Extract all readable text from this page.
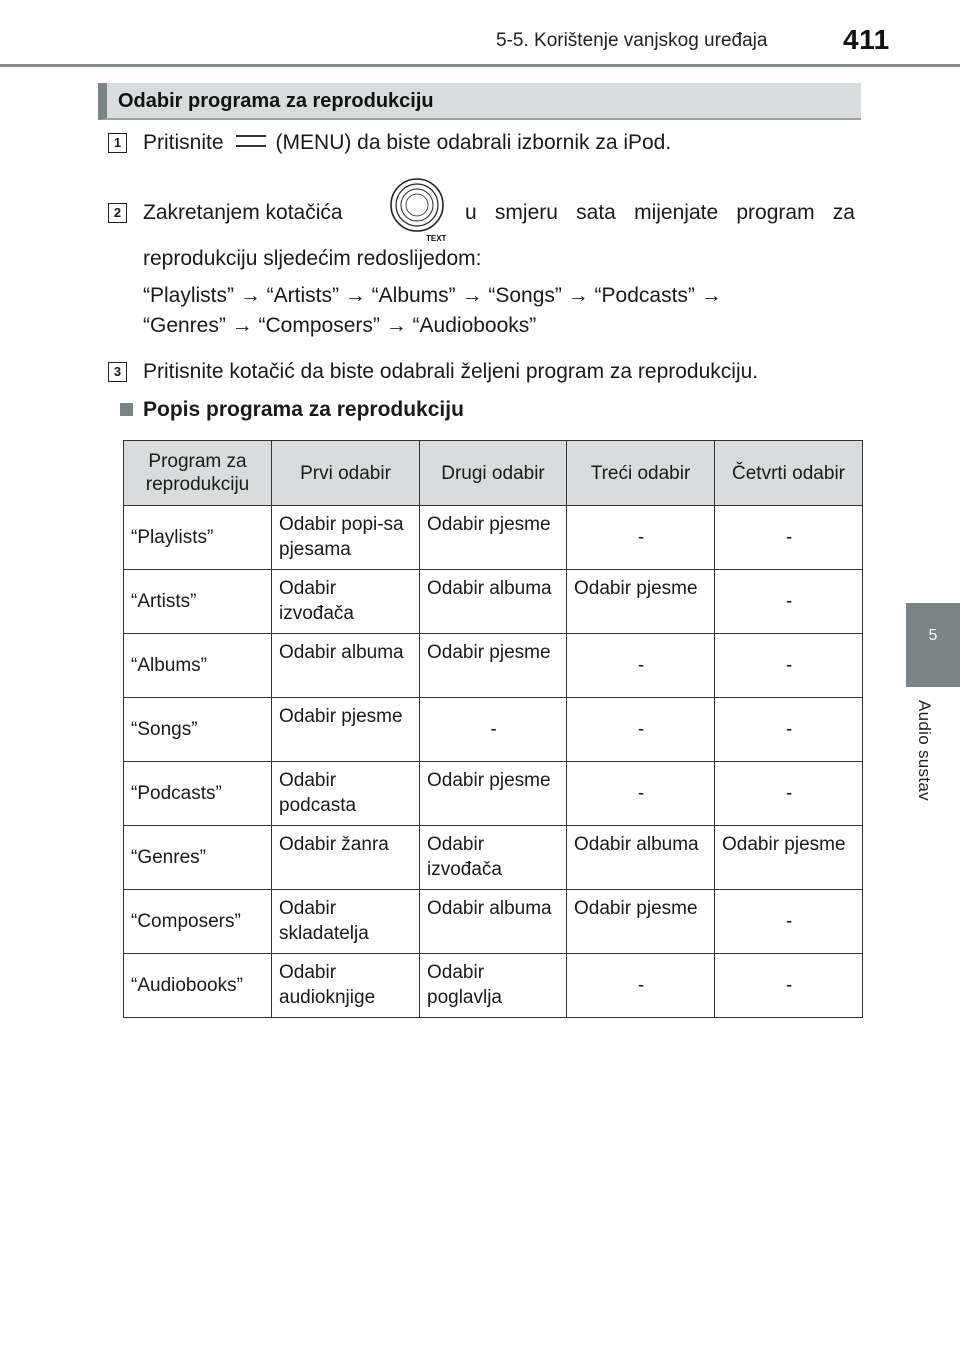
5-5. Korištenje vanjskog uređaja	411
5
Audio sustav
Odabir programa za reprodukciju
1 Pritisnite (MENU) da biste odabrali izbornik za iPod.
2 Zakretanjem kotačića
TEXT
u smjeru sata mijenjate program za
reprodukciju sljedećim redoslijedom:
“Playlists” → “Artists” → “Albums” → “Songs” → “Podcasts” →
“Genres” → “Composers” → “Audiobooks”
3 Pritisnite kotačić da biste odabrali željeni program za reprodukciju.
Popis programa za reprodukciju
Program za reprodukciju	Prvi odabir	Drugi odabir	Treći odabir	Četvrti odabir
“Playlists”	Odabir popi-sa pjesama	Odabir pjesme	-	-
“Artists”	Odabir izvođača	Odabir albuma	Odabir pjesme	-
“Albums”	Odabir albuma	Odabir pjesme	-	-
“Songs”	Odabir pjesme	-	-	-
“Podcasts”	Odabir podcasta	Odabir pjesme	-	-
“Genres”	Odabir žanra	Odabir izvođača	Odabir albuma	Odabir pjesme
“Composers”	Odabir skladatelja	Odabir albuma	Odabir pjesme	-
“Audiobooks”	Odabir audioknjige	Odabir poglavlja	-	-
